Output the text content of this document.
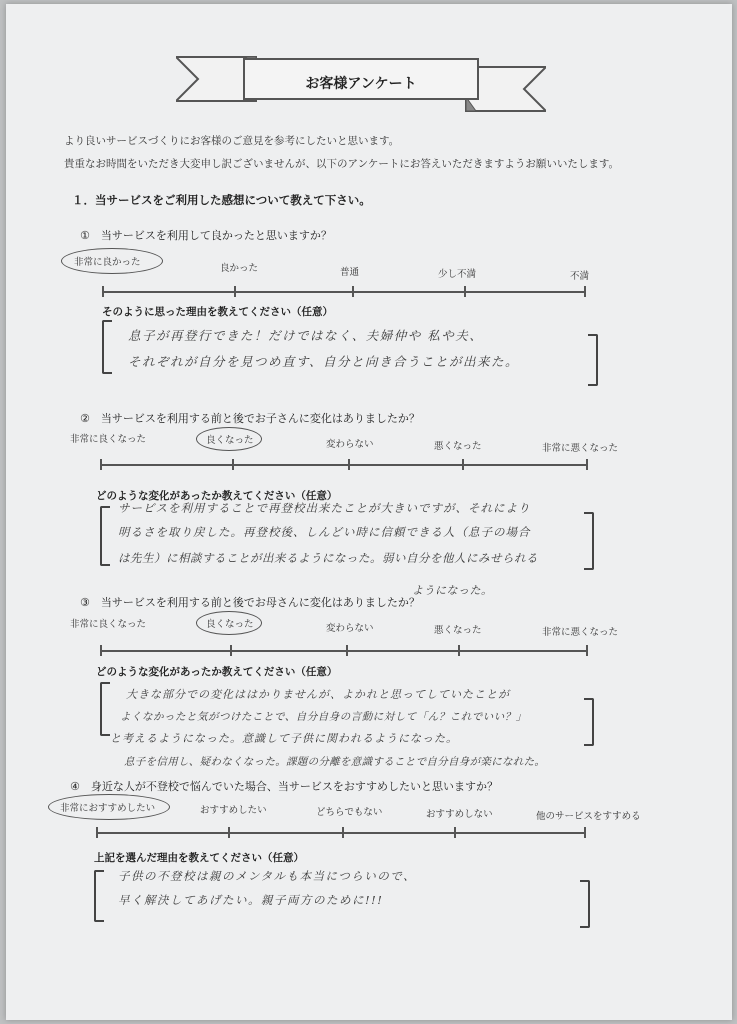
お客様アンケート
より良いサービスづくりにお客様のご意見を参考にしたいと思います。
貴重なお時間をいただき大変申し訳ございませんが、以下のアンケートにお答えいただきますようお願いいたします。
１．当サービスをご利用した感想について教えて下さい。
①　当サービスを利用して良かったと思いますか？
非常に良かった
良かった	普通	少し不満	不満
そのように思った理由を教えてください（任意）
息子が再登行できた！だけではなく、夫婦仲や 私や夫、
それぞれが自分を見つめ直す、自分と向き合うことが出来た。
②　当サービスを利用する前と後でお子さんに変化はありましたか？
非常に良くなった	良くなった	変わらない	悪くなった	非常に悪くなった
どのような変化があったか教えてください（任意）
サービスを利用することで再登校出来たことが大きいですが、それにより
明るさを取り戻した。再登校後、しんどい時に信頼できる人（息子の場合
は先生）に相談することが出来るようになった。弱い自分を他人にみせられる
ようになった。
③　当サービスを利用する前と後でお母さんに変化はありましたか？
非常に良くなった	良くなった	変わらない	悪くなった	非常に悪くなった
どのような変化があったか教えてください（任意）
大きな部分での変化ははかりませんが、よかれと思ってしていたことが
よくなかったと気がつけたことで、自分自身の言動に対して「ん？これでいい？」
と考えるようになった。意識して子供に関われるようになった。
息子を信用し、疑わなくなった。課題の分離を意識することで自分自身が楽になれた。
④　身近な人が不登校で悩んでいた場合、当サービスをおすすめしたいと思いますか？
非常におすすめしたい	おすすめしたい	どちらでもない	おすすめしない	他のサービスをすすめる
上記を選んだ理由を教えてください（任意）
子供の不登校は親のメンタルも本当につらいので、
早く解決してあげたい。親子両方のために!!!
